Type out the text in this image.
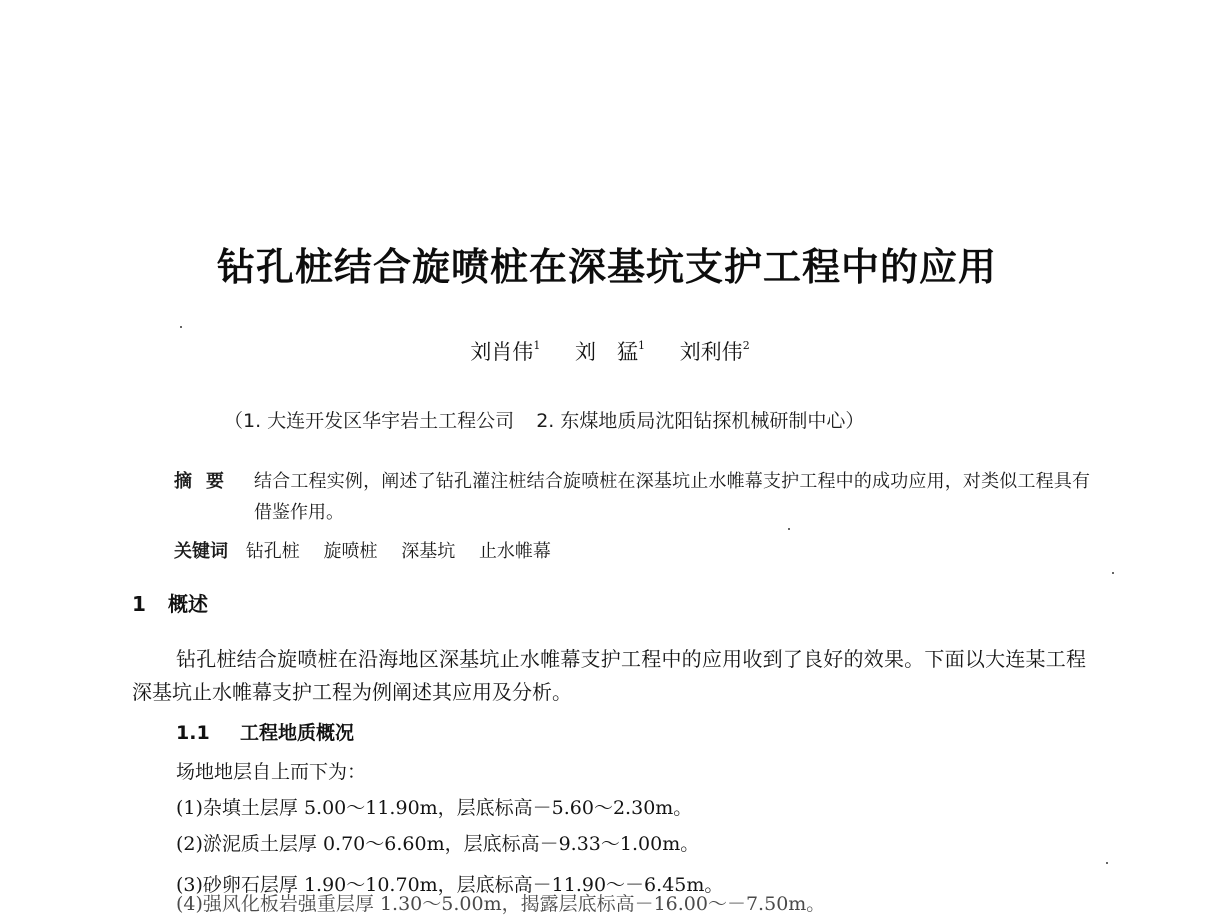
钻孔桩结合旋喷桩在深基坑支护工程中的应用
刘肖伟$^1$ 刘　猛$^1$ 刘利伟$^2$
（1. 大连开发区华宇岩土工程公司 2. 东煤地质局沈阳钻探机械研制中心）
摘要 结合工程实例，阐述了钻孔灌注桩结合旋喷桩在深基坑止水帷幕支护工程中的成功应用，对类似工程具有借鉴作用。
关键词 钻孔桩 旋喷桩 深基坑 止水帷幕
1 概述
钻孔桩结合旋喷桩在沿海地区深基坑止水帷幕支护工程中的应用收到了良好的效果。下面以大连某工程深基坑止水帷幕支护工程为例阐述其应用及分析。
1.1 工程地质概况
场地地层自上而下为：
(1)杂填土层厚 5.00～11.90m，层底标高－5.60～2.30m。
(2)淤泥质土层厚 0.70～6.60m，层底标高－9.33～1.00m。
(3)砂卵石层厚 1.90～10.70m，层底标高－11.90～－6.45m。
(4)强风化板岩强重层厚 1.30～5.00m，揭露层底标高－16.00～－7.50m。
